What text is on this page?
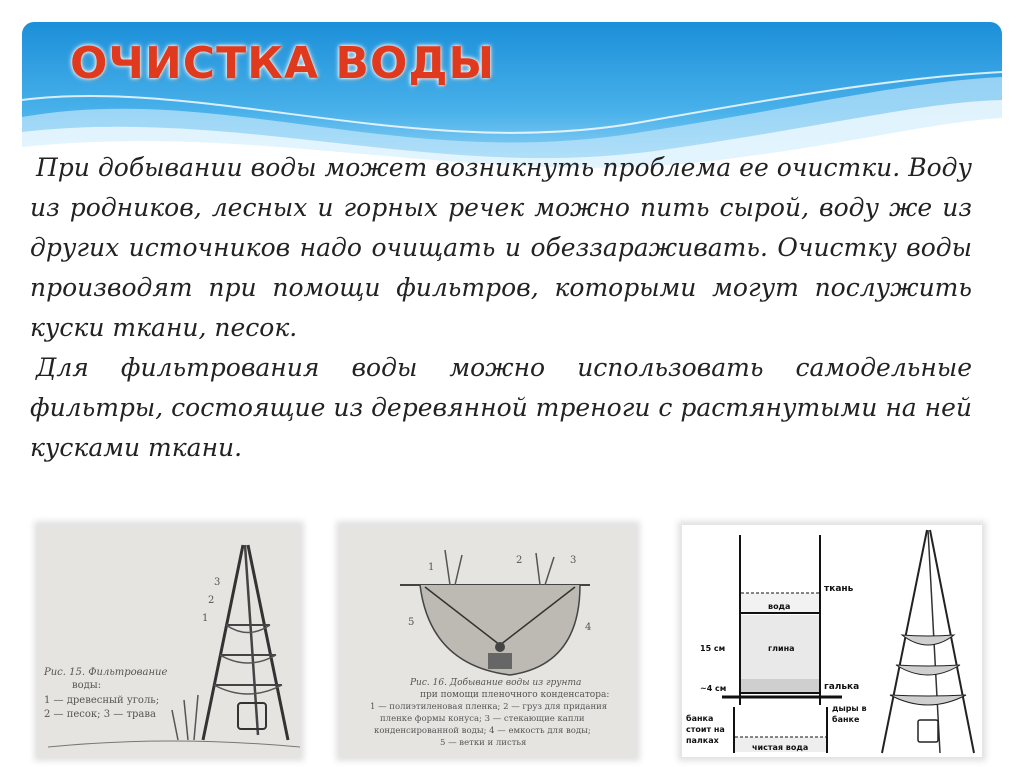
ОЧИСТКА ВОДЫ

При добывании воды может возникнуть проблема ее очистки. Воду из родников, лесных и горных речек можно пить сырой, воду же из других источников надо очищать и обеззараживать. Очистку воды производят при помощи фильтров, которыми могут послужить куски ткани, песок.

Для фильтрования воды можно использовать самодельные фильтры, состоящие из деревянной треноги с растянутыми на ней кусками ткани.

3
2
1
Рис. 15. Фильтрование
воды:
1 — древесный уголь;
2 — песок; 3 — трава
1
2	3
4
5
Рис. 16. Добывание воды из грунта
при помощи пленочного конденсатора:
1 — полиэтиленовая пленка; 2 — груз для придания
пленке формы конуса; 3 — стекающие капли
конденсированной воды; 4 — емкость для воды;
5 — ветки и листья
ткань
вода
глина
15 см
~4 см	галька
дыры в
банке
банка
стоит на
палках
чистая вода
